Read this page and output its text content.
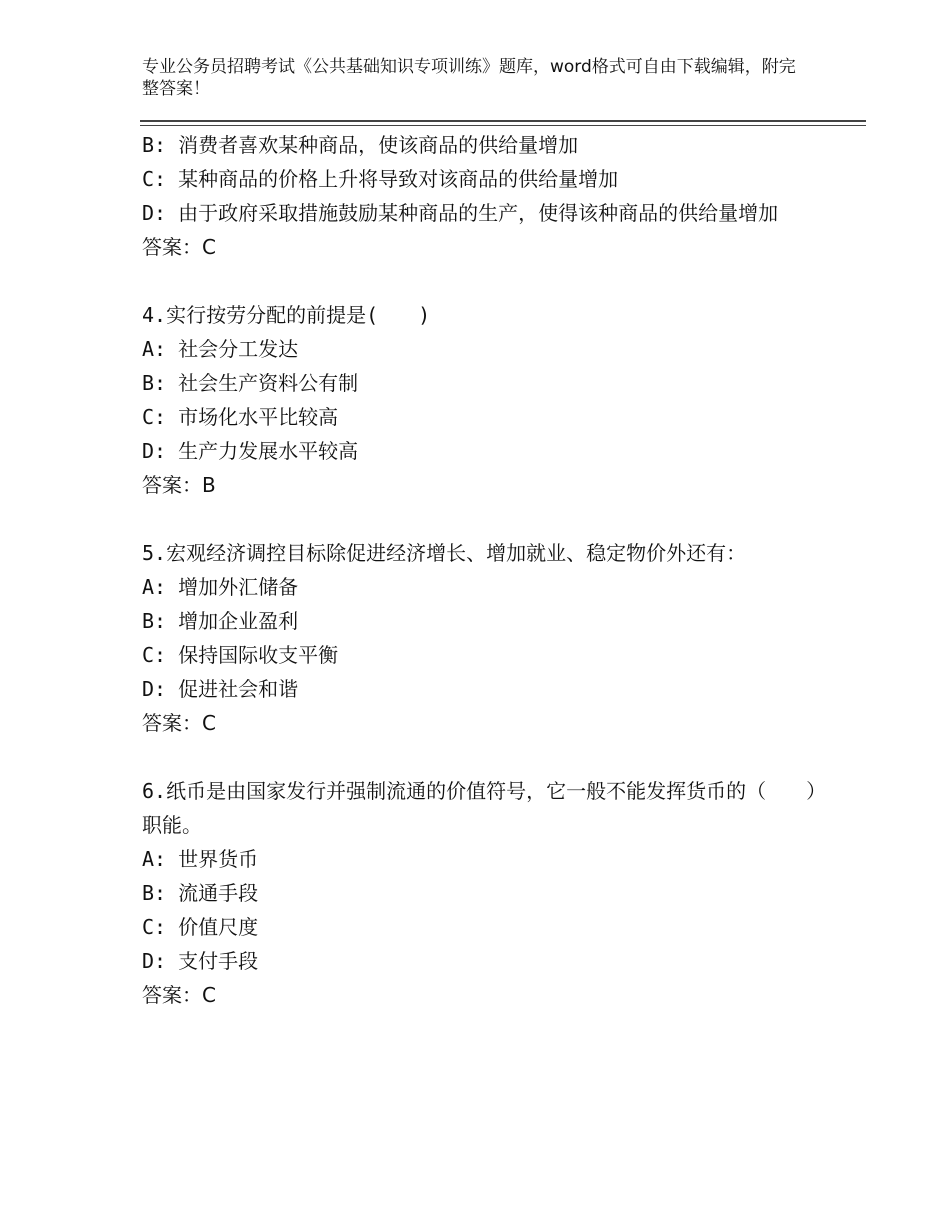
专业公务员招聘考试《公共基础知识专项训练》题库，word格式可自由下载编辑，附完整答案！
B: 消费者喜欢某种商品，使该商品的供给量增加
C: 某种商品的价格上升将导致对该商品的供给量增加
D: 由于政府采取措施鼓励某种商品的生产，使得该种商品的供给量增加
答案：C
4.实行按劳分配的前提是(　　)
A: 社会分工发达
B: 社会生产资料公有制
C: 市场化水平比较高
D: 生产力发展水平较高
答案：B
5.宏观经济调控目标除促进经济增长、增加就业、稳定物价外还有：
A: 增加外汇储备
B: 增加企业盈利
C: 保持国际收支平衡
D: 促进社会和谐
答案：C
6.纸币是由国家发行并强制流通的价值符号，它一般不能发挥货币的（　　）职能。
A: 世界货币
B: 流通手段
C: 价值尺度
D: 支付手段
答案：C
